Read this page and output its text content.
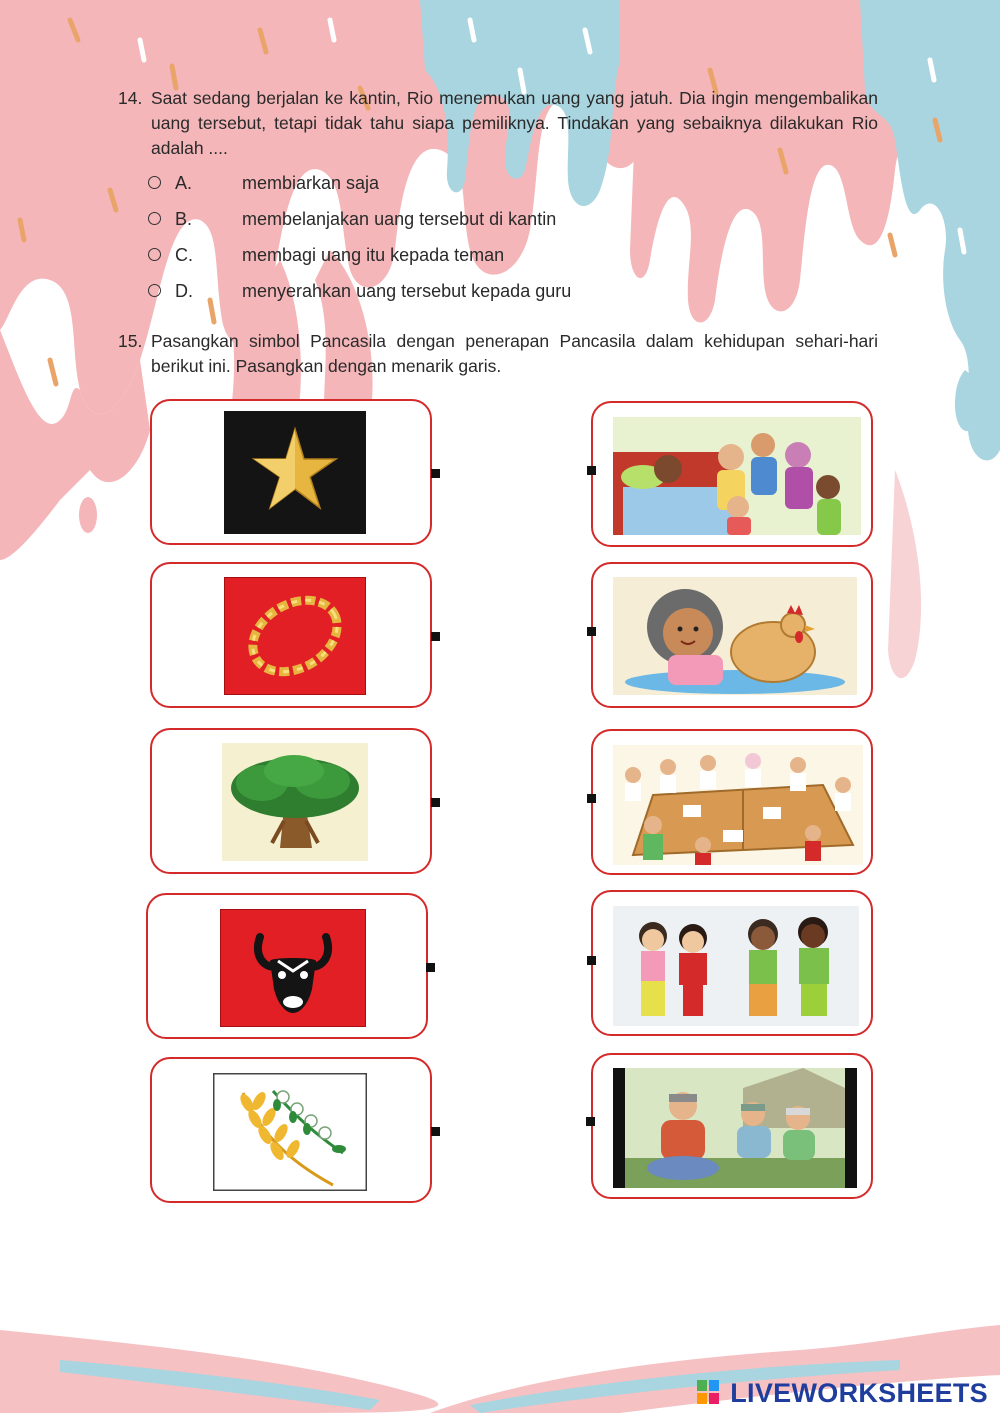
14. Saat sedang berjalan ke kantin, Rio menemukan uang yang jatuh. Dia ingin mengembalikan uang tersebut, tetapi tidak tahu siapa pemiliknya. Tindakan yang sebaiknya dilakukan Rio adalah ....
A.	membiarkan saja
B.	membelanjakan uang tersebut di kantin
C.	membagi uang itu kepada teman
D.	menyerahkan uang tersebut kepada guru
15. Pasangkan simbol Pancasila dengan penerapan Pancasila dalam kehidupan sehari-hari berikut ini. Pasangkan dengan menarik garis.
LIVEWORKSHEETS
